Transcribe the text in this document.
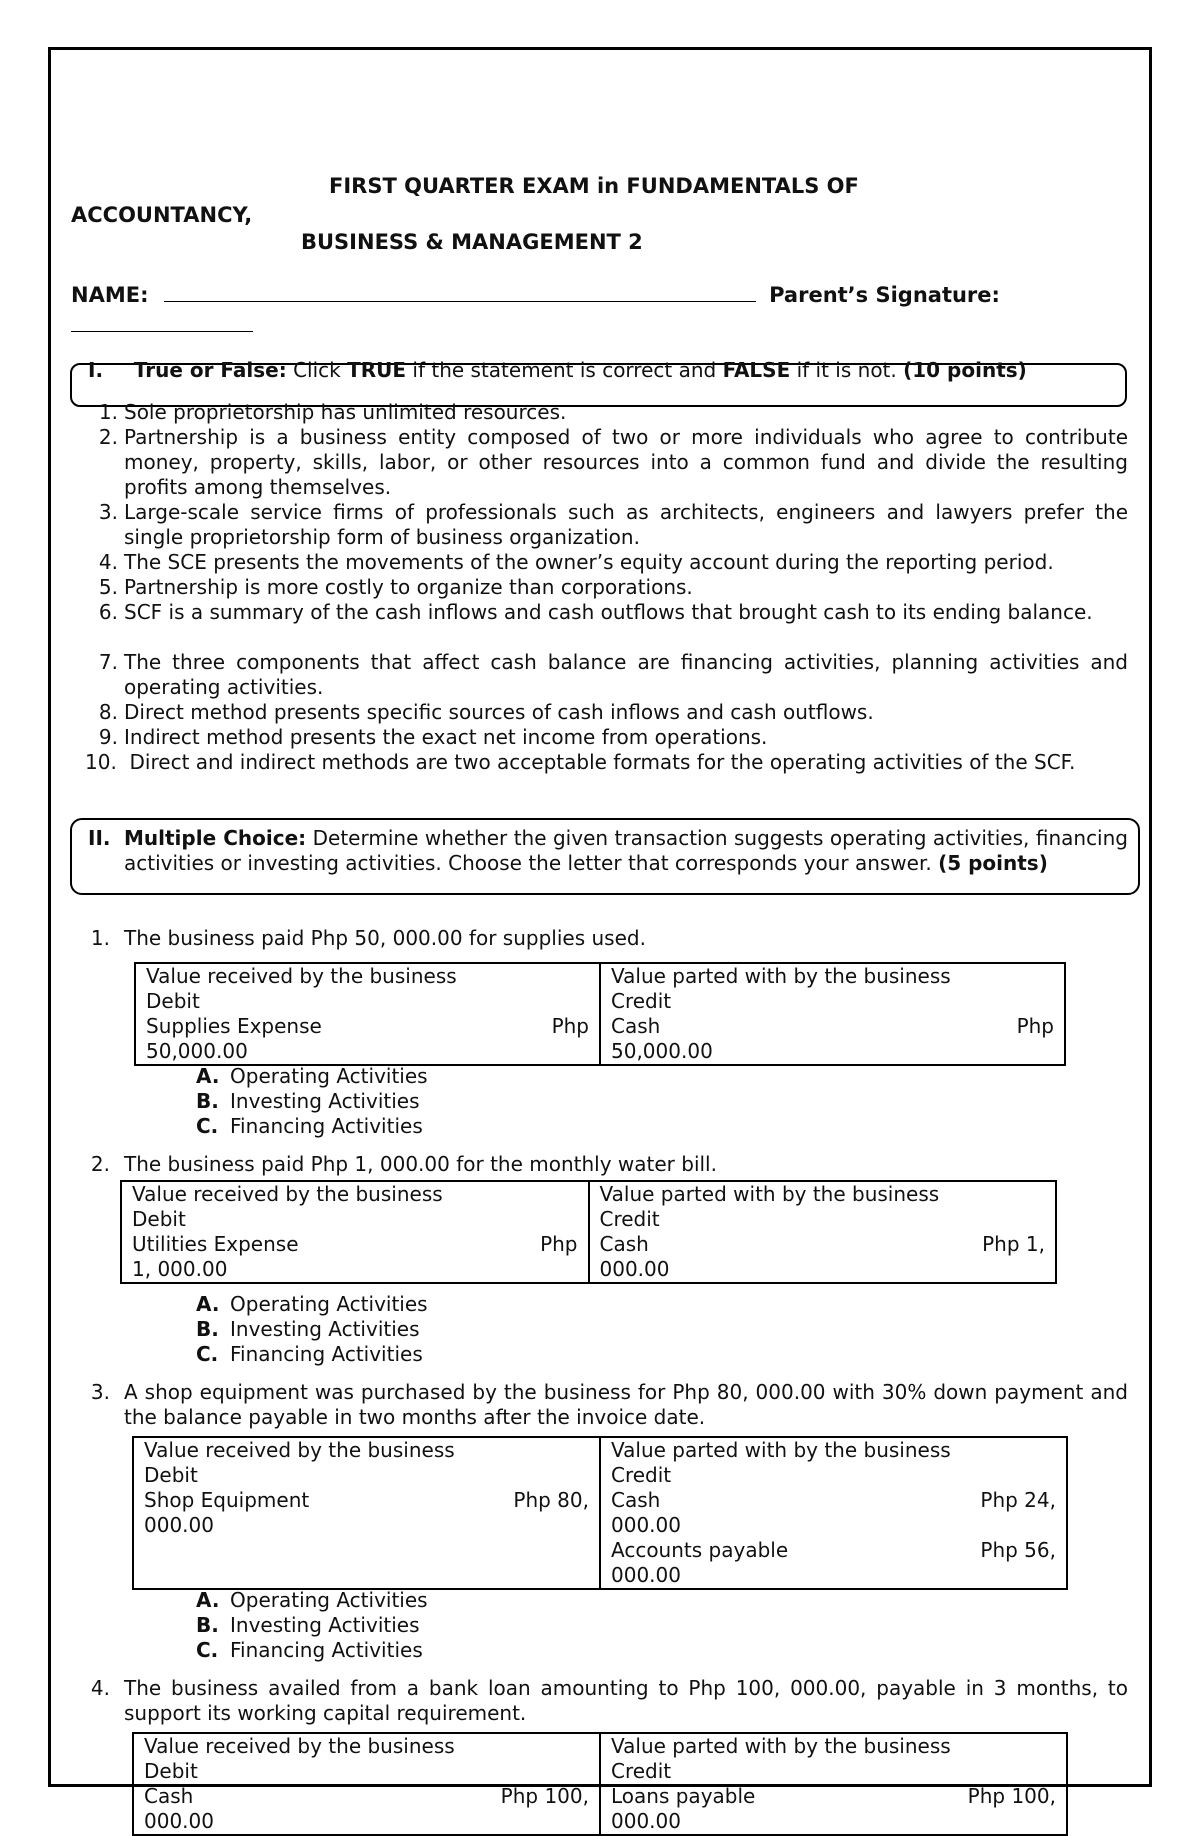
FIRST QUARTER EXAM in FUNDAMENTALS OF
ACCOUNTANCY,
BUSINESS & MANAGEMENT 2
NAME:	Parent’s Signature:
I. True or False: Click TRUE if the statement is correct and FALSE if it is not. (10 points)
1. Sole proprietorship has unlimited resources.
2. Partnership is a business entity composed of two or more individuals who agree to contribute money, property, skills, labor, or other resources into a common fund and divide the resulting profits among themselves.
3. Large-scale service firms of professionals such as architects, engineers and lawyers prefer the single proprietorship form of business organization.
4. The SCE presents the movements of the owner’s equity account during the reporting period.
5. Partnership is more costly to organize than corporations.
6. SCF is a summary of the cash inflows and cash outflows that brought cash to its ending balance.
7. The three components that affect cash balance are financing activities, planning activities and operating activities.
8. Direct method presents specific sources of cash inflows and cash outflows.
9. Indirect method presents the exact net income from operations.
10. Direct and indirect methods are two acceptable formats for the operating activities of the SCF.
II. Multiple Choice: Determine whether the given transaction suggests operating activities, financing activities or investing activities. Choose the letter that corresponds your answer. (5 points)
1. The business paid Php 50, 000.00 for supplies used.
Value received by the business
Debit
Supplies Expense	Php
50,000.00

Value parted with by the business
Credit
Cash	Php
50,000.00
A. Operating Activities
B. Investing Activities
C. Financing Activities
2. The business paid Php 1, 000.00 for the monthly water bill.
Value received by the business
Debit
Utilities Expense	Php
1, 000.00

Value parted with by the business
Credit
Cash	Php 1,
000.00
A. Operating Activities
B. Investing Activities
C. Financing Activities
3. A shop equipment was purchased by the business for Php 80, 000.00 with 30% down payment and the balance payable in two months after the invoice date.
Value received by the business
Debit
Shop Equipment	Php 80,
000.00

Value parted with by the business
Credit
Cash	Php 24,
000.00
Accounts payable	Php 56,
000.00
A. Operating Activities
B. Investing Activities
C. Financing Activities
4. The business availed from a bank loan amounting to Php 100, 000.00, payable in 3 months, to support its working capital requirement.
Value received by the business
Debit
Cash	Php 100,
000.00

Value parted with by the business
Credit
Loans payable	Php 100,
000.00
